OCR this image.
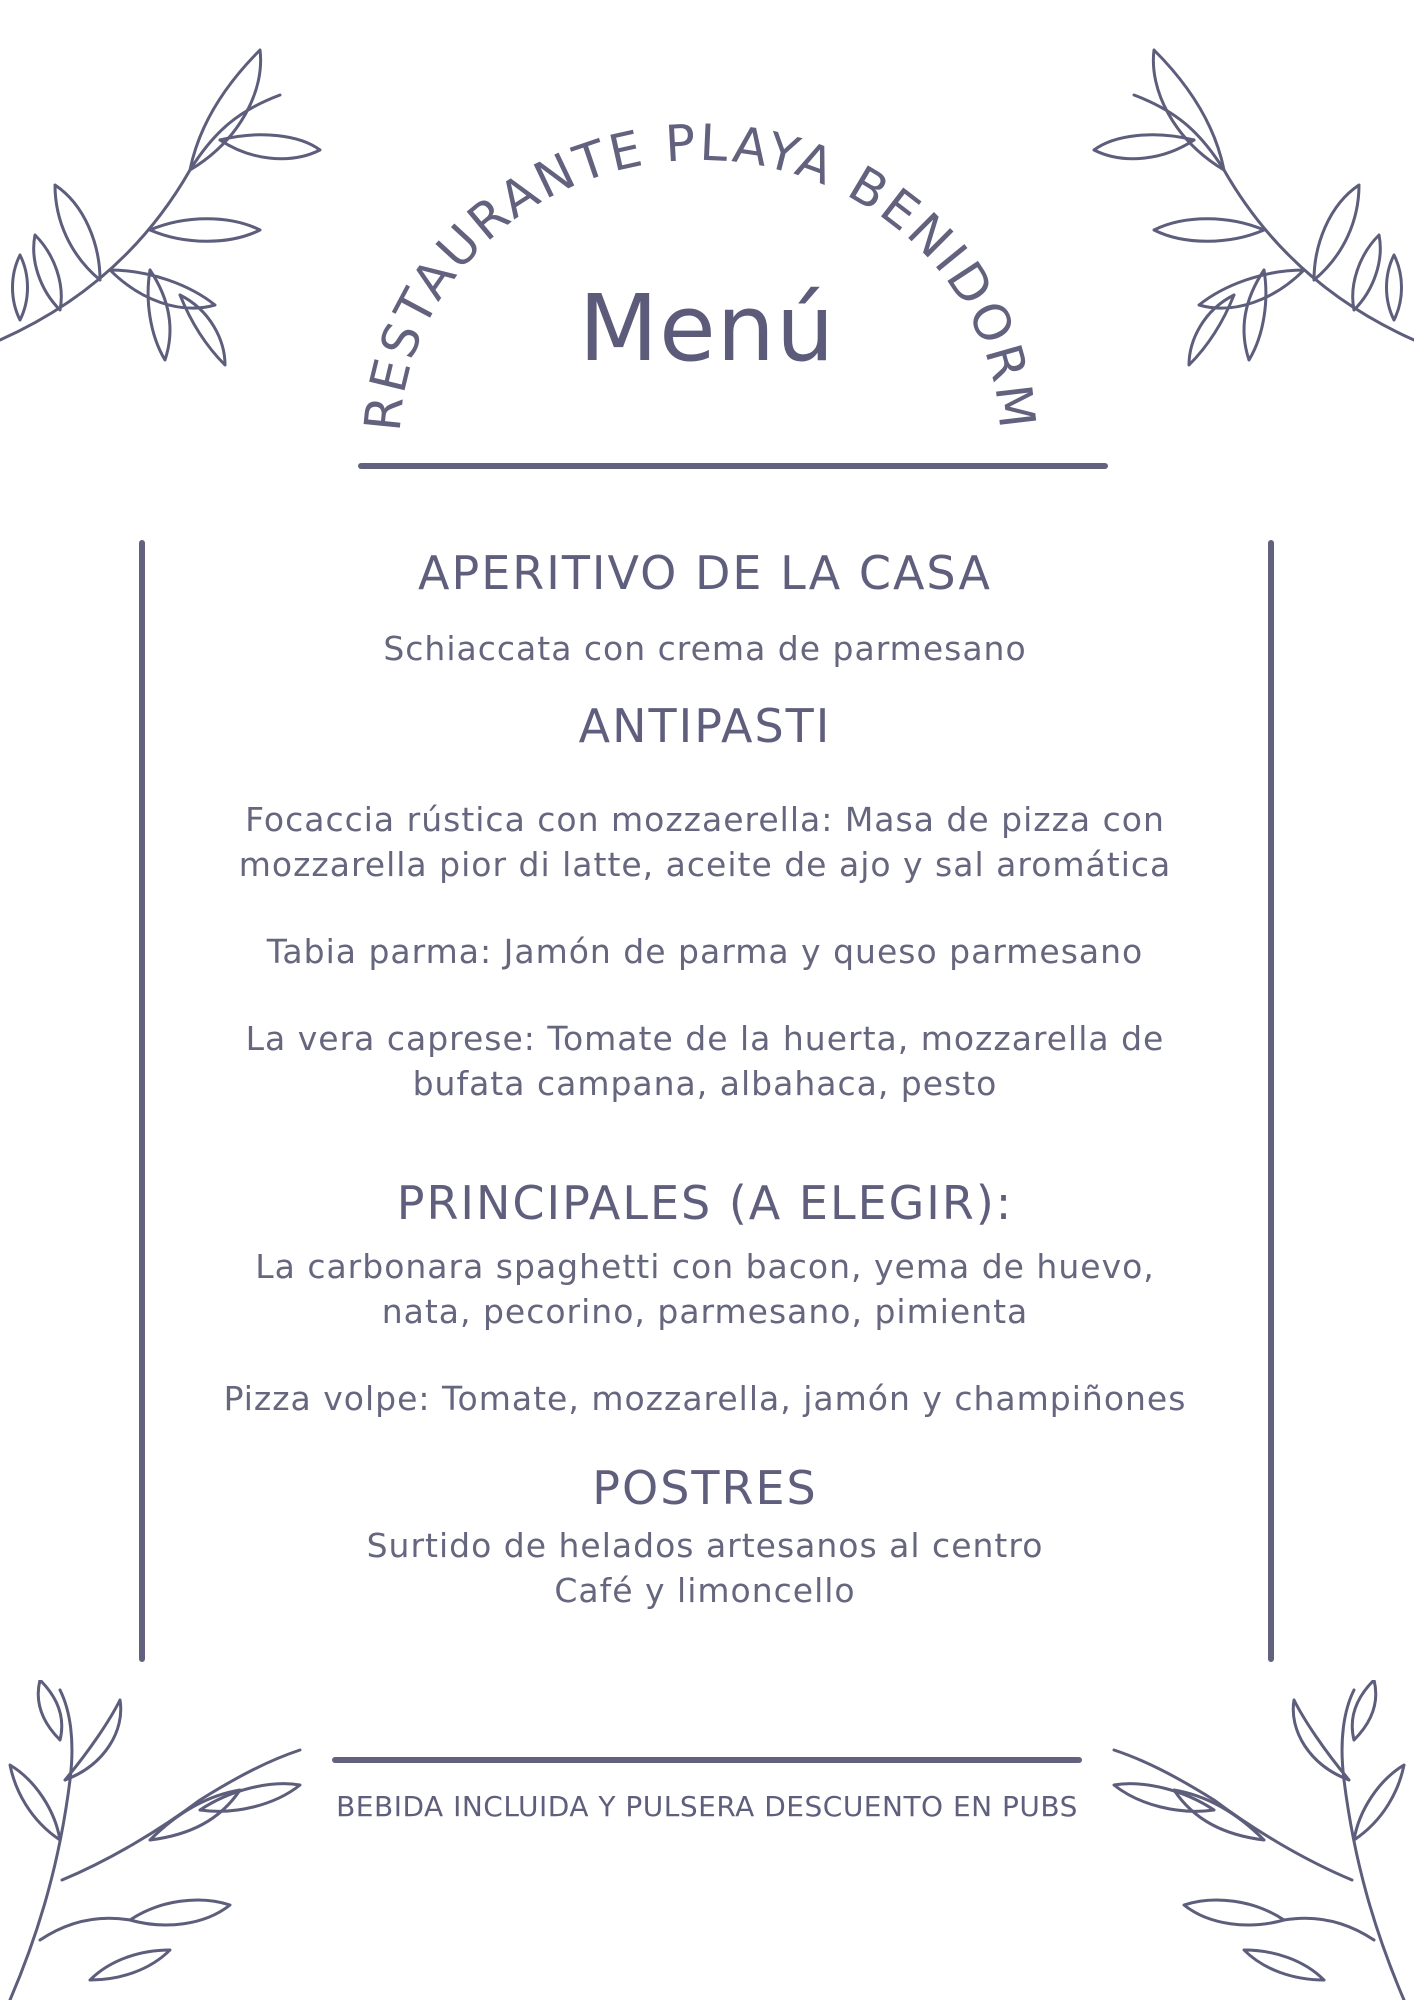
RESTAURANTE PLAYA BENIDORM
Menú
APERITIVO DE LA CASA

Schiaccata con crema de parmesano

ANTIPASTI

Focaccia rústica con mozzaerella: Masa de pizza con

mozzarella pior di latte, aceite de ajo y sal aromática

Tabia parma: Jamón de parma y queso parmesano

La vera caprese: Tomate de la huerta, mozzarella de

bufata campana, albahaca, pesto

PRINCIPALES (A ELEGIR):

La carbonara spaghetti con bacon, yema de huevo,

nata, pecorino, parmesano, pimienta

Pizza volpe: Tomate, mozzarella, jamón y champiñones

POSTRES

Surtido de helados artesanos al centro

Café y limoncello

BEBIDA INCLUIDA Y PULSERA DESCUENTO EN PUBS
